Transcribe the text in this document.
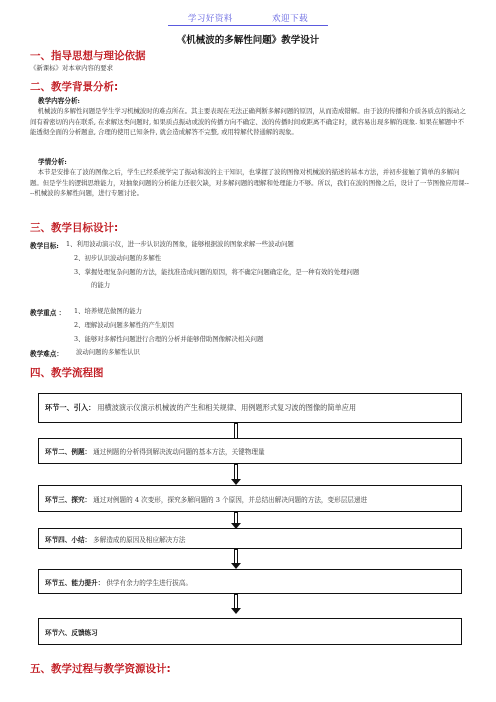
学习好资料	欢迎下载
《机械波的多解性问题》教学设计
一、指导思想与理论依据
《新课标》对本章内容的要求
二、教学背景分析:
教学内容分析:
机械波的多解性问题是学生学习机械波时的难点所在。其主要表现在无法正确判断多解问题的原因，从而造成错解。由于波的传播和介质各质点的振动之间有着密切的内在联系, 在求解这类问题时, 如果质点振动或波的传播方向不确定、波的传播时间或距离不确定时，就容易出现多解的现象. 如果在解题中不能透彻全面的分析题意, 合理的使用已知条件, 就会造成解答不完整, 或用特解代替通解的现象。
学情分析:
本节是安排在了波的图像之后，学生已经系统学完了振动和波的主干知识，也掌握了波的图像对机械波的描述的基本方法，并初步接触了简单的多解问题。但是学生的逻辑思维能力，对抽象问题的分析能力还很欠缺，对多解问题的理解和处理能力不够。所以，我们在波的图像之后，设计了一节图像应用课----机械波的多解性问题，进行专题讨论。
三、教学目标设计:
教学目标: 1、利用波动演示仪，进一步认识波的图象，能够根据波的图象求解一些波动问题
2、初步认识波动问题的多解性
3、掌握处理复杂问题的方法，能找准造成问题的原因，将不确定问题确定化，是一种有效的处理问题
的能力
教学重点 ： 1、培养规范做图的能力
2、理解波动问题多解性的产生原因
3、能够对多解性问题进行合理的分析并能够借助图像解决相关问题
教学难点： 波动问题的多解性认识
四、教学流程图
环节一、引入： 用横波演示仪演示机械波的产生和相关规律、用例题形式复习波的图像的简单应用
环节二、例题： 通过例题的分析得到解决波动问题的基本方法，关键物理量
环节三、探究： 通过对例题的 4 次变形，探究多解问题的 3 个原因，并总结出解决问题的方法，变形层层递进
环节四、小结： 多解造成的原因及相应解决方法
环节五、能力提升： 供学有余力的学生进行拔高。
环节六、反馈练习
五、教学过程与教学资源设计:
